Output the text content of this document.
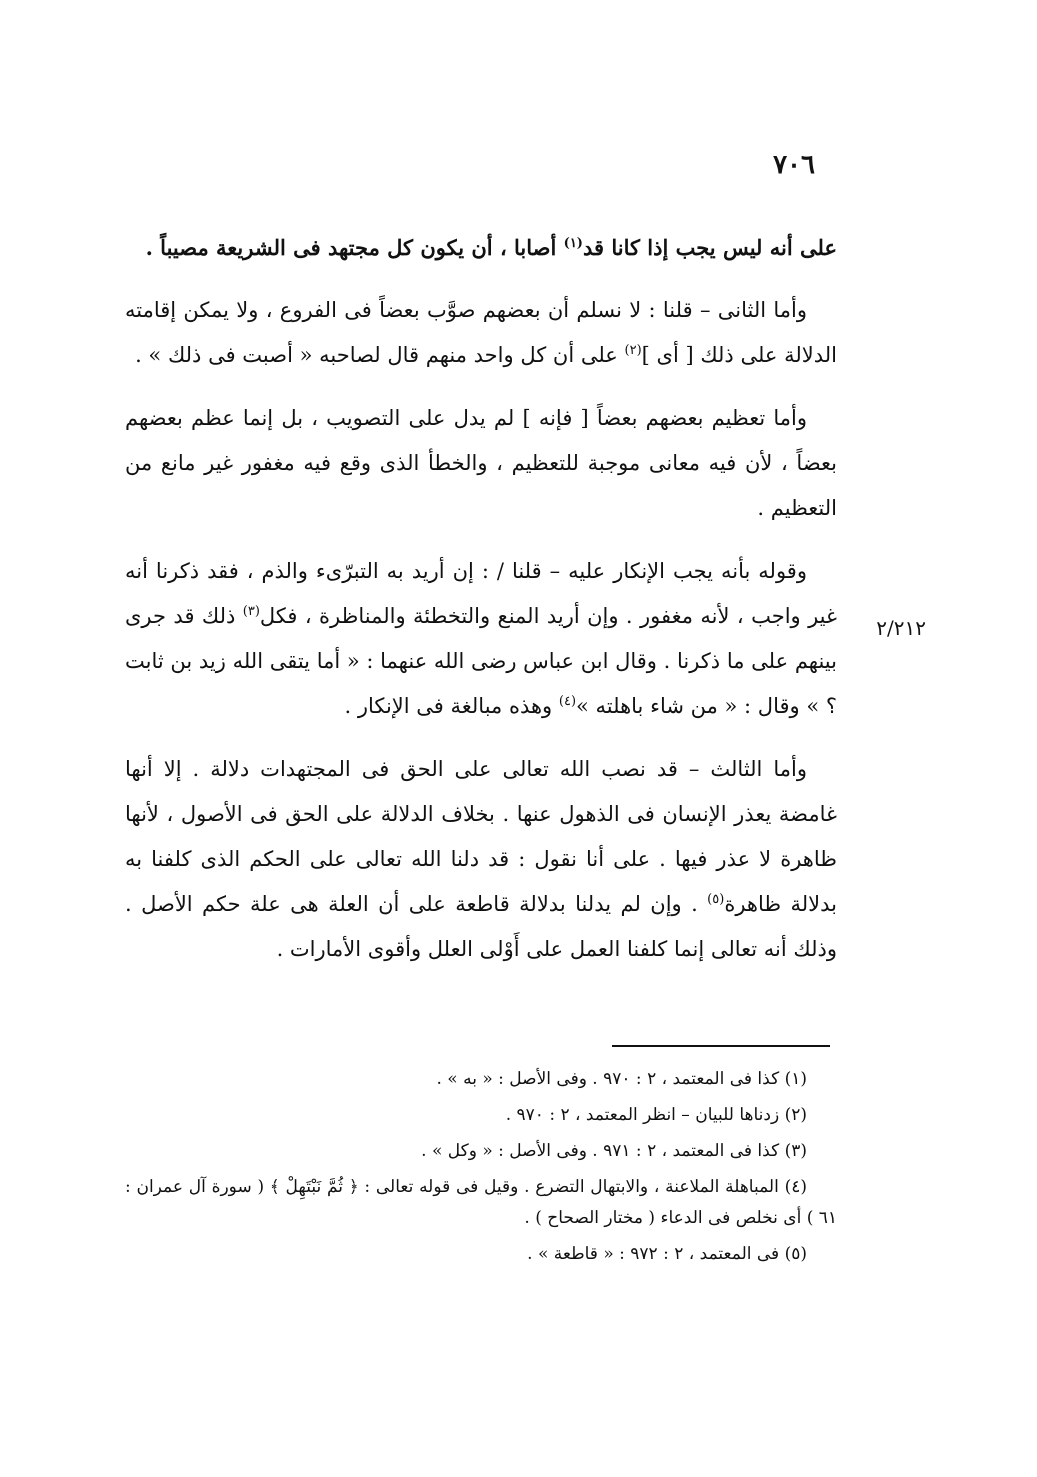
٧٠٦
٢/٢١٢

على أنه ليس يجب إذا كانا قد$^{(١)}$ أصابا ، أن يكون كل مجتهد فى الشريعة مصيباً .

وأما الثانى – قلنا : لا نسلم أن بعضهم صوَّب بعضاً فى الفروع ، ولا يمكن إقامته الدلالة على ذلك [ أى ]$^{(٢)}$ على أن كل واحد منهم قال لصاحبه « أصبت فى ذلك » .

وأما تعظيم بعضهم بعضاً [ فإنه ] لم يدل على التصويب ، بل إنما عظم بعضهم بعضاً ، لأن فيه معانى موجبة للتعظيم ، والخطأ الذى وقع فيه مغفور غير مانع من التعظيم .

وقوله بأنه يجب الإنكار عليه – قلنا / : إن أريد به التبرّىء والذم ، فقد ذكرنا أنه غير واجب ، لأنه مغفور . وإن أريد المنع والتخطئة والمناظرة ، فكل$^{(٣)}$ ذلك قد جرى بينهم على ما ذكرنا . وقال ابن عباس رضى الله عنهما : « أما يتقى الله زيد بن ثابت ؟ » وقال : « من شاء باهلته »$^{(٤)}$ وهذه مبالغة فى الإنكار .

وأما الثالث – قد نصب الله تعالى على الحق فى المجتهدات دلالة . إلا أنها غامضة يعذر الإنسان فى الذهول عنها . بخلاف الدلالة على الحق فى الأصول ، لأنها ظاهرة لا عذر فيها . على أنا نقول : قد دلنا الله تعالى على الحكم الذى كلفنا به بدلالة ظاهرة$^{(٥)}$ . وإن لم يدلنا بدلالة قاطعة على أن العلة هى علة حكم الأصل . وذلك أنه تعالى إنما كلفنا العمل على أَوْلى العلل وأقوى الأمارات .

(١) كذا فى المعتمد ، ٢ : ٩٧٠ . وفى الأصل : « به » .

(٢) زدناها للبيان – انظر المعتمد ، ٢ : ٩٧٠ .

(٣) كذا فى المعتمد ، ٢ : ٩٧١ . وفى الأصل : « وكل » .

(٤) المباهلة الملاعنة ، والابتهال التضرع . وقيل فى قوله تعالى : ﴿ ثُمَّ نَبْتَهِلْ ﴾ ( سورة آل عمران : ٦١ ) أى نخلص فى الدعاء ( مختار الصحاح ) .

(٥) فى المعتمد ، ٢ : ٩٧٢ : « قاطعة » .
